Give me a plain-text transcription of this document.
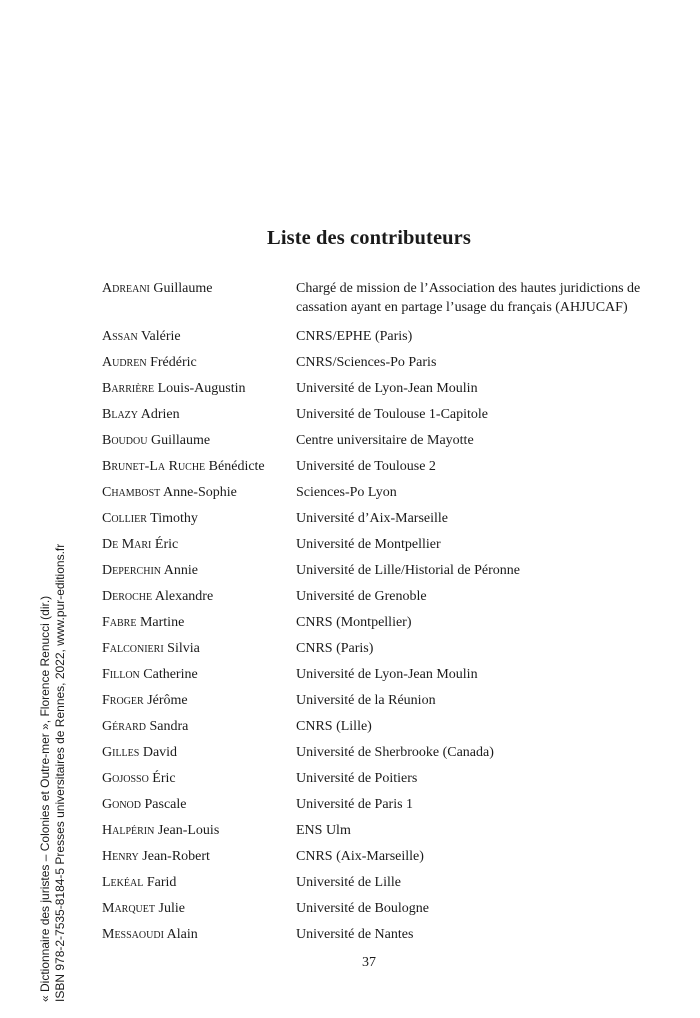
Liste des contributeurs
Adreani Guillaume	Chargé de mission de l’Association des hautes juridictions de cassation ayant en partage l’usage du français (AHJUCAF)
Assan Valérie	CNRS/EPHE (Paris)
Audren Frédéric	CNRS/Sciences-Po Paris
Barrière Louis-Augustin	Université de Lyon-Jean Moulin
Blazy Adrien	Université de Toulouse 1-Capitole
Boudou Guillaume	Centre universitaire de Mayotte
Brunet-La Ruche Bénédicte	Université de Toulouse 2
Chambost Anne-Sophie	Sciences-Po Lyon
Collier Timothy	Université d’Aix-Marseille
De Mari Éric	Université de Montpellier
Deperchin Annie	Université de Lille/Historial de Péronne
Deroche Alexandre	Université de Grenoble
Fabre Martine	CNRS (Montpellier)
Falconieri Silvia	CNRS (Paris)
Fillon Catherine	Université de Lyon-Jean Moulin
Froger Jérôme	Université de la Réunion
Gérard Sandra	CNRS (Lille)
Gilles David	Université de Sherbrooke (Canada)
Gojosso Éric	Université de Poitiers
Gonod Pascale	Université de Paris 1
Halpérin Jean-Louis	ENS Ulm
Henry Jean-Robert	CNRS (Aix-Marseille)
Lekéal Farid	Université de Lille
Marquet Julie	Université de Boulogne
Messaoudi Alain	Université de Nantes
37
« Dictionnaire des juristes – Colonies et Outre-mer », Florence Renucci (dir.) ISBN 978-2-7535-8184-5 Presses universitaires de Rennes, 2022, www.pur-editions.fr
